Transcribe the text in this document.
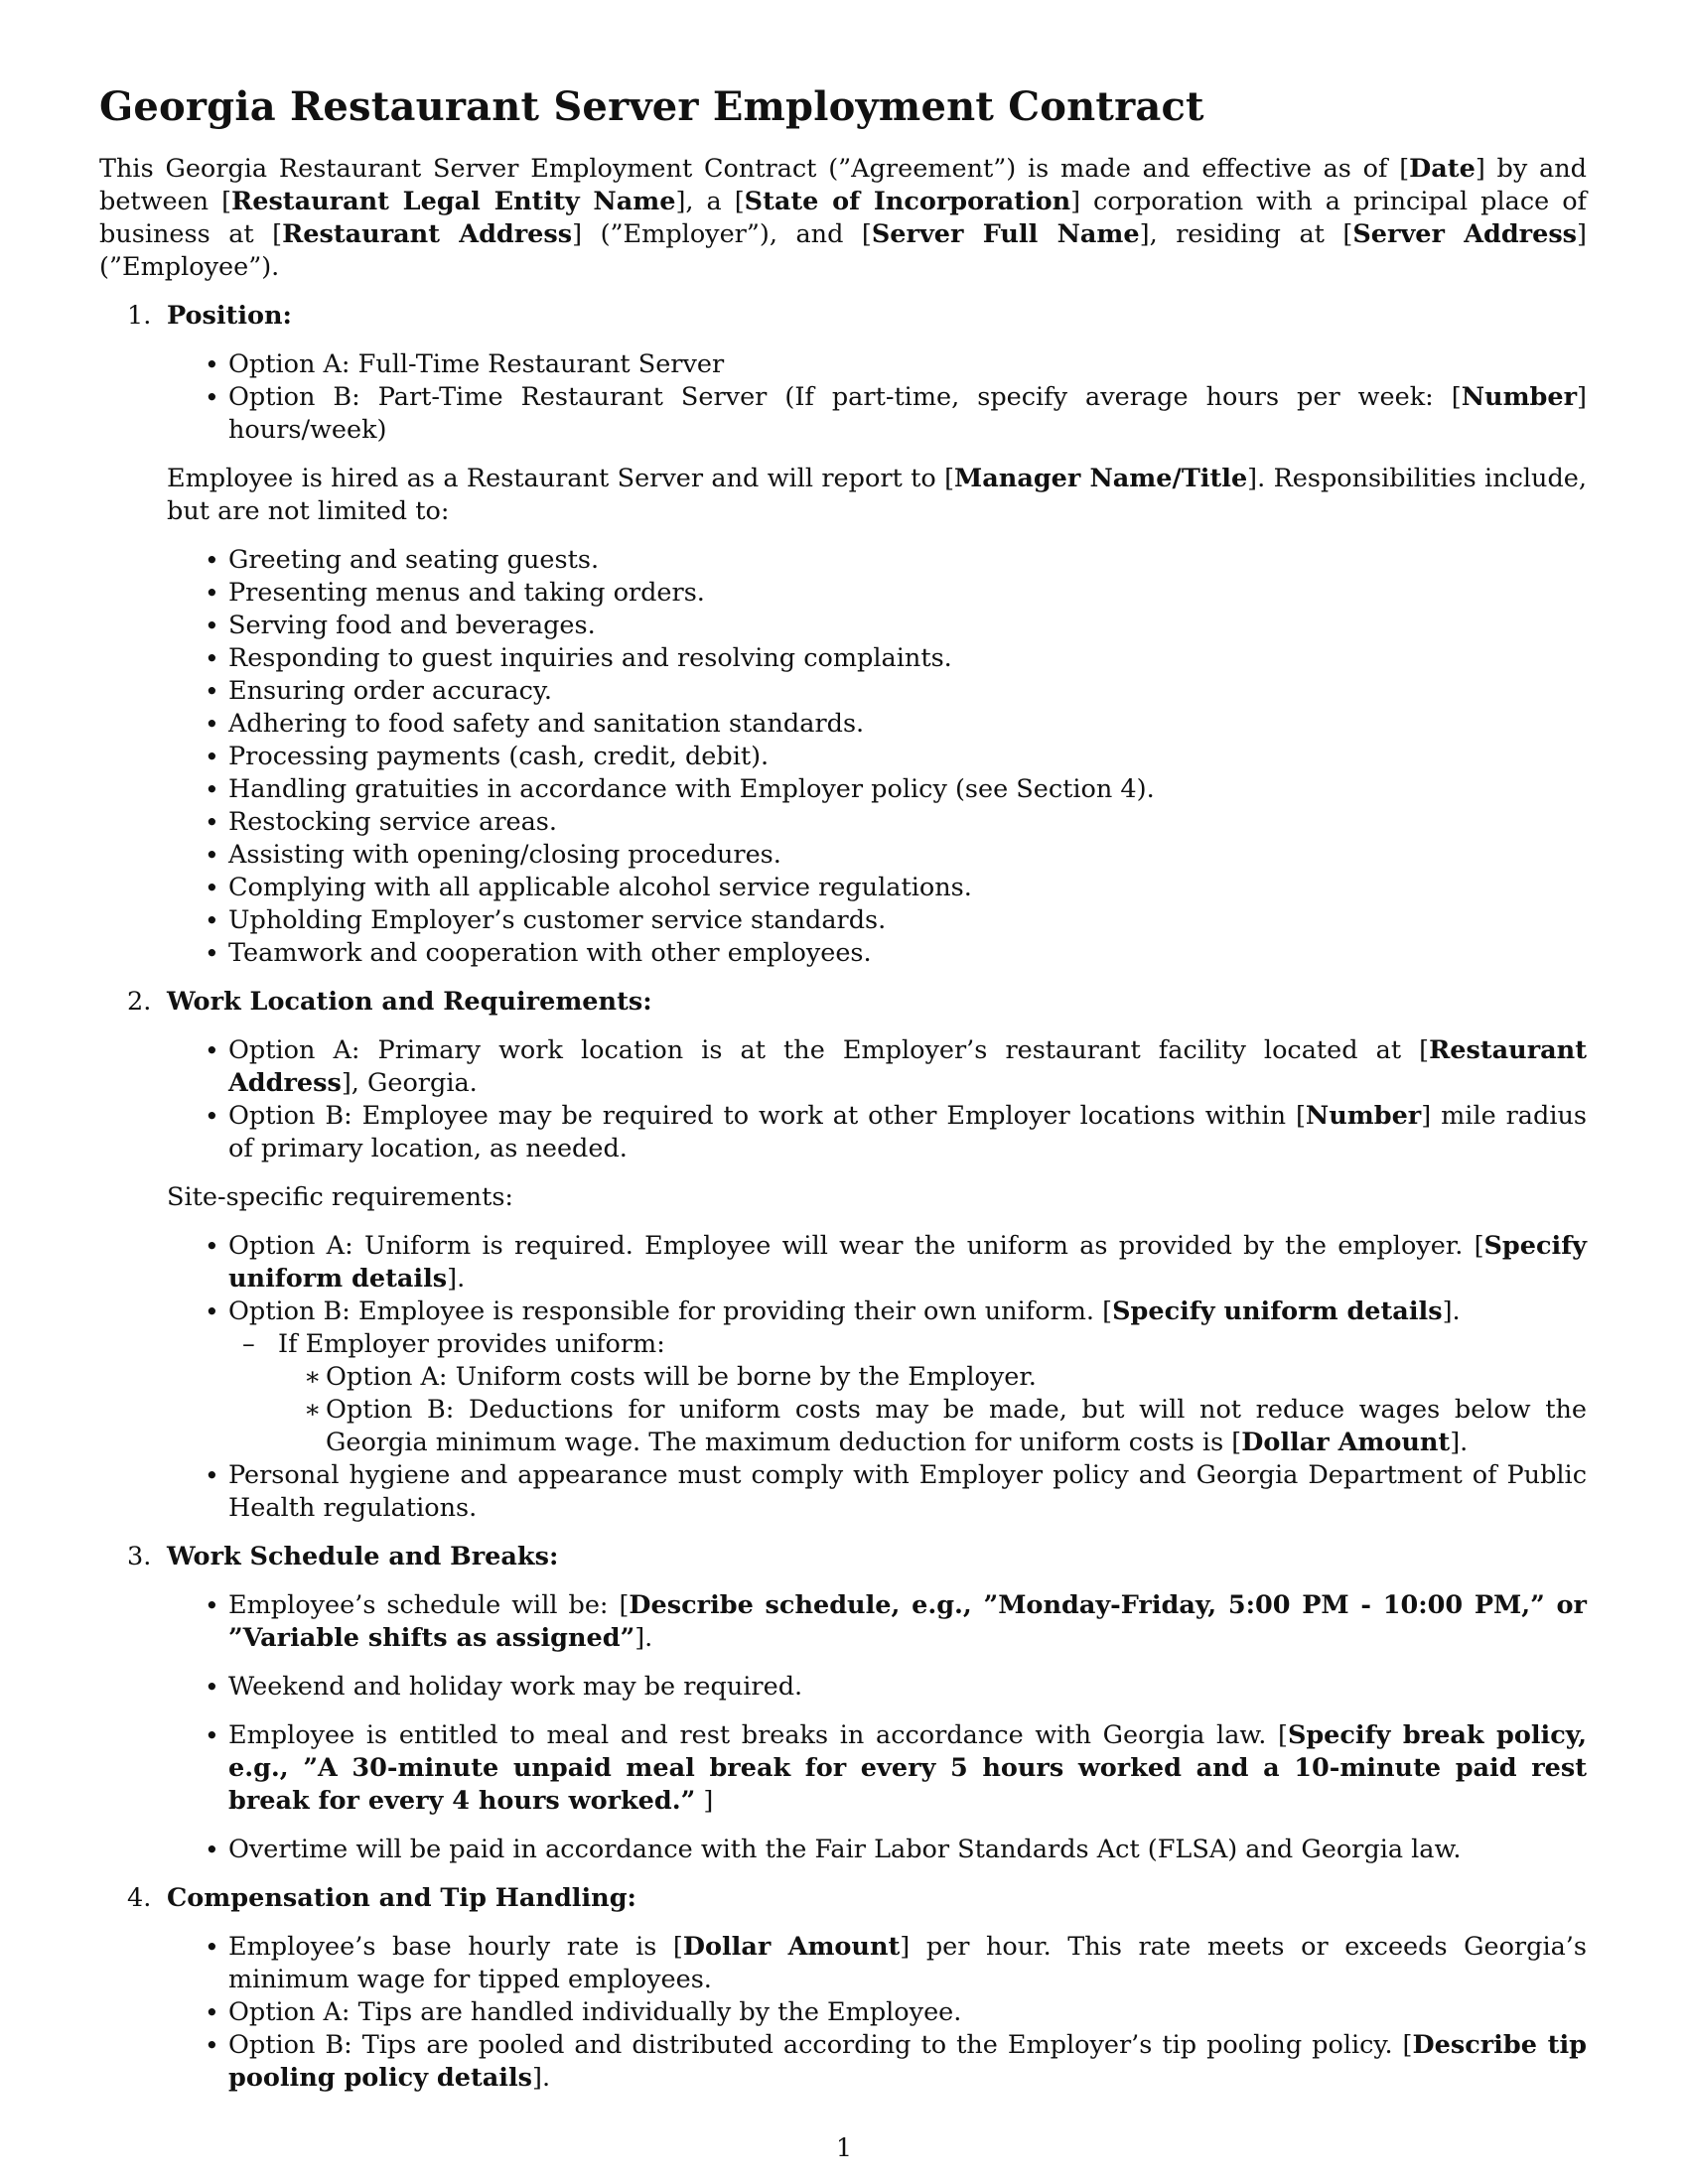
Georgia Restaurant Server Employment Contract

This Georgia Restaurant Server Employment Contract (”Agreement”) is made and effective as of [Date] by and between [Restaurant Legal Entity Name], a [State of Incorporation] corporation with a principal place of business at [Restaurant Address] (”Employer”), and [Server Full Name], residing at [Server Address] (”Employee”).

1. Position:
• Option A: Full-Time Restaurant Server
• Option B: Part-Time Restaurant Server (If part-time, specify average hours per week: [Number] hours/week)
Employee is hired as a Restaurant Server and will report to [Manager Name/Title]. Responsibilities include, but are not limited to:
• Greeting and seating guests.
• Presenting menus and taking orders.
• Serving food and beverages.
• Responding to guest inquiries and resolving complaints.
• Ensuring order accuracy.
• Adhering to food safety and sanitation standards.
• Processing payments (cash, credit, debit).
• Handling gratuities in accordance with Employer policy (see Section 4).
• Restocking service areas.
• Assisting with opening/closing procedures.
• Complying with all applicable alcohol service regulations.
• Upholding Employer’s customer service standards.
• Teamwork and cooperation with other employees.
2. Work Location and Requirements:
• Option A: Primary work location is at the Employer’s restaurant facility located at [Restaurant Address], Georgia.
• Option B: Employee may be required to work at other Employer locations within [Number] mile radius of primary location, as needed.
Site-specific requirements:
• Option A: Uniform is required. Employee will wear the uniform as provided by the employer. [Specify uniform details].
• Option B: Employee is responsible for providing their own uniform. [Specify uniform details].
– If Employer provides uniform:
∗ Option A: Uniform costs will be borne by the Employer.
∗ Option B: Deductions for uniform costs may be made, but will not reduce wages below the Georgia minimum wage. The maximum deduction for uniform costs is [Dollar Amount].
• Personal hygiene and appearance must comply with Employer policy and Georgia Department of Public Health regulations.
3. Work Schedule and Breaks:
• Employee’s schedule will be: [Describe schedule, e.g., ”Monday-Friday, 5:00 PM - 10:00 PM,” or ”Variable shifts as assigned”].
• Weekend and holiday work may be required.
• Employee is entitled to meal and rest breaks in accordance with Georgia law. [Specify break policy, e.g., ”A 30-minute unpaid meal break for every 5 hours worked and a 10-minute paid rest break for every 4 hours worked.” ]
• Overtime will be paid in accordance with the Fair Labor Standards Act (FLSA) and Georgia law.
4. Compensation and Tip Handling:
• Employee’s base hourly rate is [Dollar Amount] per hour. This rate meets or exceeds Georgia’s minimum wage for tipped employees.
• Option A: Tips are handled individually by the Employee.
• Option B: Tips are pooled and distributed according to the Employer’s tip pooling policy. [Describe tip pooling policy details].
1
